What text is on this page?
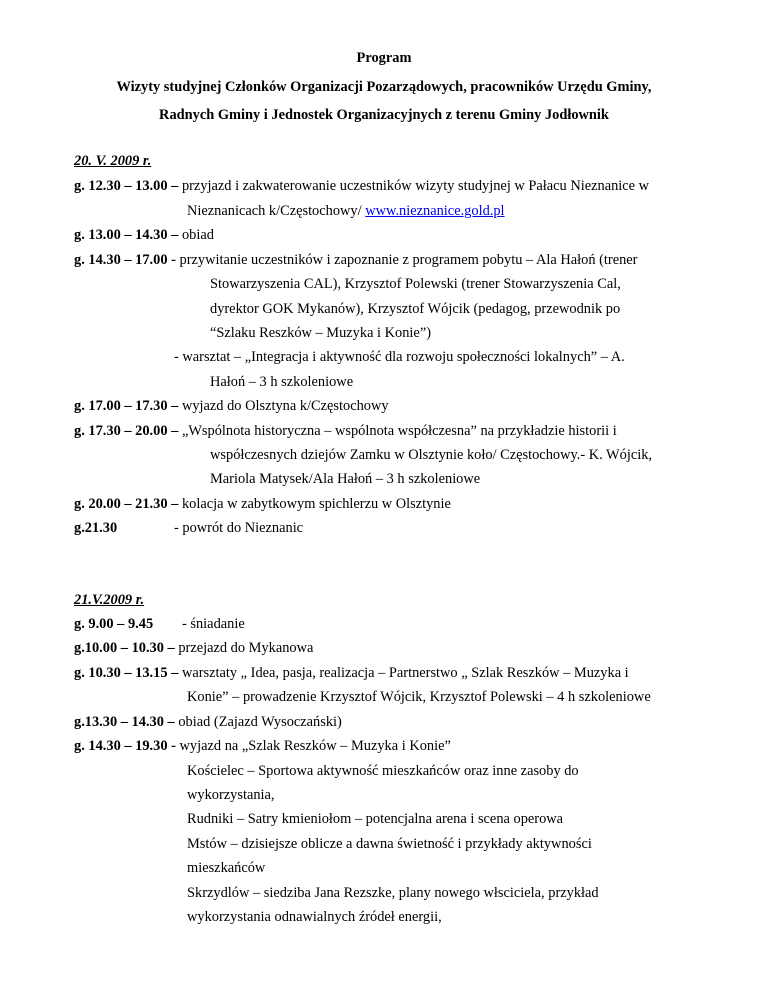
Program
Wizyty studyjnej Członków Organizacji Pozarządowych, pracowników Urzędu Gminy,
Radnych Gminy i Jednostek Organizacyjnych z terenu Gminy Jodłownik
20. V. 2009 r.
g. 12.30 – 13.00 – przyjazd i zakwaterowanie uczestników wizyty studyjnej w Pałacu Nieznanice w
Nieznanicach k/Częstochowy/ www.nieznanice.gold.pl
g. 13.00 – 14.30 – obiad
g. 14.30 – 17.00 - przywitanie uczestników i zapoznanie z programem pobytu – Ala Hałoń (trener
Stowarzyszenia CAL), Krzysztof Polewski (trener Stowarzyszenia Cal,
dyrektor GOK Mykanów), Krzysztof Wójcik (pedagog, przewodnik po
“Szlaku Reszków – Muzyka i Konie”)
- warsztat – „Integracja i aktywność dla rozwoju społeczności lokalnych” – A.
Hałoń – 3 h szkoleniowe
g. 17.00 – 17.30 – wyjazd do Olsztyna k/Częstochowy
g. 17.30 – 20.00 – „Wspólnota historyczna – wspólnota współczesna” na przykładzie historii i
współczesnych dziejów Zamku w Olsztynie koło/ Częstochowy.- K. Wójcik,
Mariola Matysek/Ala Hałoń – 3 h szkoleniowe
g. 20.00 – 21.30 – kolacja w zabytkowym spichlerzu w Olsztynie
g.21.30	- powrót do Nieznanic
21.V.2009 r.
g. 9.00 – 9.45 - śniadanie
g.10.00 – 10.30 – przejazd do Mykanowa
g. 10.30 – 13.15 – warsztaty „ Idea, pasja, realizacja – Partnerstwo „ Szlak Reszków – Muzyka i
Konie” – prowadzenie Krzysztof Wójcik, Krzysztof Polewski – 4 h szkoleniowe
g.13.30 – 14.30 – obiad (Zajazd Wysoczański)
g. 14.30 – 19.30 - wyjazd na „Szlak Reszków – Muzyka i Konie”
Kościelec – Sportowa aktywność mieszkańców oraz inne zasoby do
wykorzystania,
Rudniki – Satry kmieniołom – potencjalna arena i scena operowa
Mstów – dzisiejsze oblicze a dawna świetność i przykłady aktywności
mieszkańców
Skrzydlów – siedziba Jana Rezszke, plany nowego włsciciela, przykład
wykorzystania odnawialnych źródeł energii,
